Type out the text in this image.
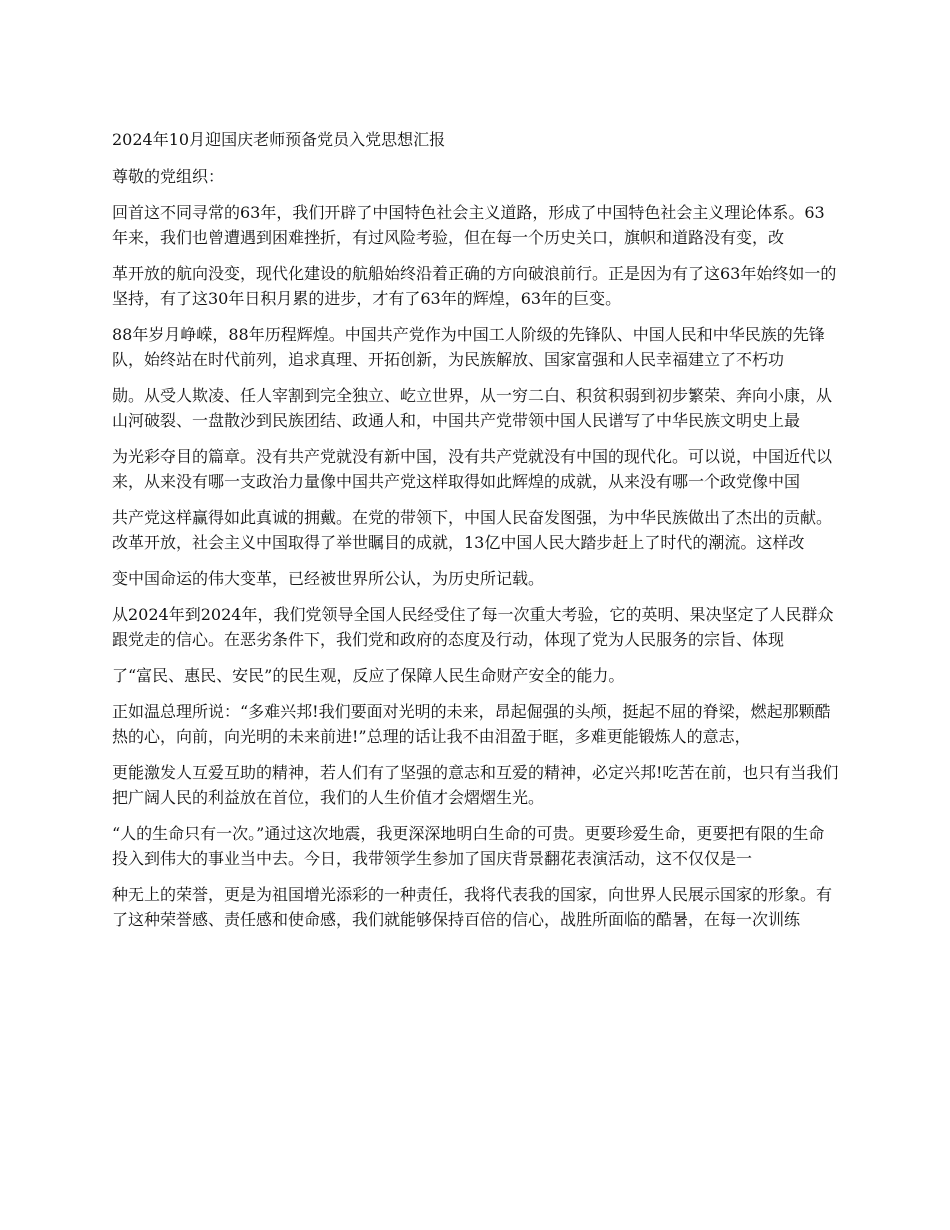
2024年10月迎国庆老师预备党员入党思想汇报

尊敬的党组织：

回首这不同寻常的63年，我们开辟了中国特色社会主义道路，形成了中国特色社会主义理论体系。63年来，我们也曾遭遇到困难挫折，有过风险考验，但在每一个历史关口，旗帜和道路没有变，改

革开放的航向没变，现代化建设的航船始终沿着正确的方向破浪前行。正是因为有了这63年始终如一的坚持，有了这30年日积月累的进步，才有了63年的辉煌，63年的巨变。

88年岁月峥嵘，88年历程辉煌。中国共产党作为中国工人阶级的先锋队、中国人民和中华民族的先锋队，始终站在时代前列，追求真理、开拓创新，为民族解放、国家富强和人民幸福建立了不朽功

勋。从受人欺凌、任人宰割到完全独立、屹立世界，从一穷二白、积贫积弱到初步繁荣、奔向小康，从山河破裂、一盘散沙到民族团结、政通人和，中国共产党带领中国人民谱写了中华民族文明史上最

为光彩夺目的篇章。没有共产党就没有新中国，没有共产党就没有中国的现代化。可以说，中国近代以来，从来没有哪一支政治力量像中国共产党这样取得如此辉煌的成就，从来没有哪一个政党像中国

共产党这样赢得如此真诚的拥戴。在党的带领下，中国人民奋发图强，为中华民族做出了杰出的贡献。改革开放，社会主义中国取得了举世瞩目的成就，13亿中国人民大踏步赶上了时代的潮流。这样改

变中国命运的伟大变革，已经被世界所公认，为历史所记载。

从2024年到2024年，我们党领导全国人民经受住了每一次重大考验，它的英明、果决坚定了人民群众跟党走的信心。在恶劣条件下，我们党和政府的态度及行动，体现了党为人民服务的宗旨、体现

了“富民、惠民、安民”的民生观，反应了保障人民生命财产安全的能力。

正如温总理所说：“多难兴邦!我们要面对光明的未来，昂起倔强的头颅，挺起不屈的脊梁，燃起那颗酷热的心，向前，向光明的未来前进!”总理的话让我不由泪盈于眶，多难更能锻炼人的意志，

更能激发人互爱互助的精神，若人们有了坚强的意志和互爱的精神，必定兴邦!吃苦在前，也只有当我们把广阔人民的利益放在首位，我们的人生价值才会熠熠生光。

“人的生命只有一次。”通过这次地震，我更深深地明白生命的可贵。更要珍爱生命，更要把有限的生命投入到伟大的事业当中去。今日，我带领学生参加了国庆背景翻花表演活动，这不仅仅是一

种无上的荣誉，更是为祖国增光添彩的一种责任，我将代表我的国家，向世界人民展示国家的形象。有了这种荣誉感、责任感和使命感，我们就能够保持百倍的信心，战胜所面临的酷暑，在每一次训练
